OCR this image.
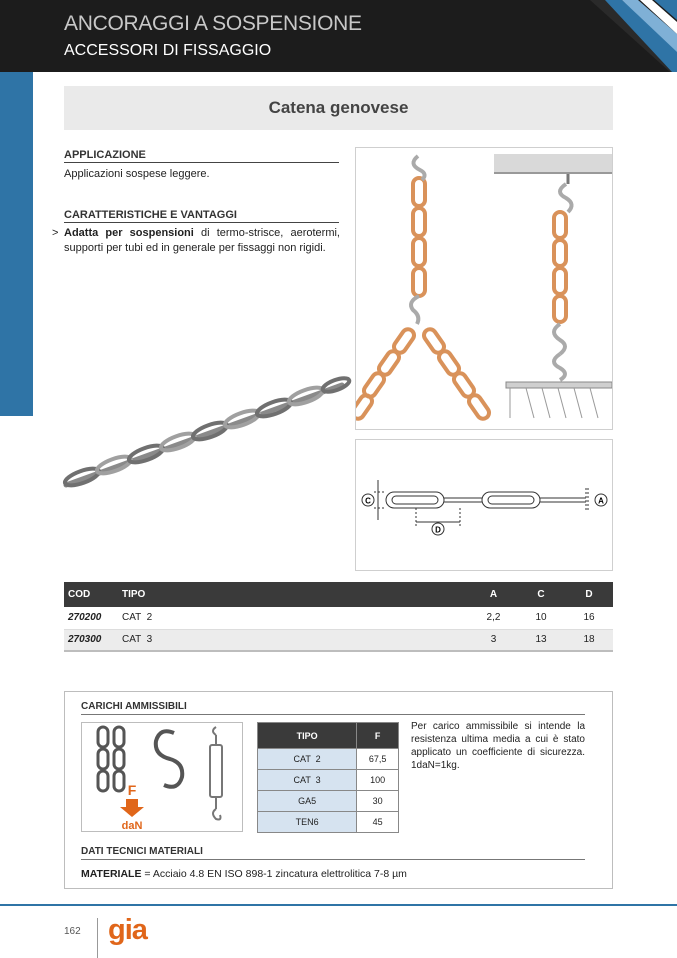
ANCORAGGI A SOSPENSIONE
ACCESSORI DI FISSAGGIO
Catena genovese
APPLICAZIONE
Applicazioni sospese leggere.
CARATTERISTICHE E VANTAGGI
> Adatta per sospensioni di termo-strisce, aerotermi, supporti per tubi ed in generale per fissaggi non rigidi.
C	A
D
COD	TIPO	A	C	D
270200	CAT  2	2,2	10	16
270300	CAT  3	3	13	18
CARICHI AMMISSIBILI
F
daN
TIPO	F
CAT  2	67,5
CAT  3	100
GA5	30
TEN6	45
Per carico ammissibile si intende la resistenza ultima media a cui è stato applicato un coefficiente di sicurezza. 1daN=1kg.
DATI TECNICI MATERIALI
MATERIALE = Acciaio 4.8 EN ISO 898-1 zincatura elettrolitica 7-8 µm
162 gia
